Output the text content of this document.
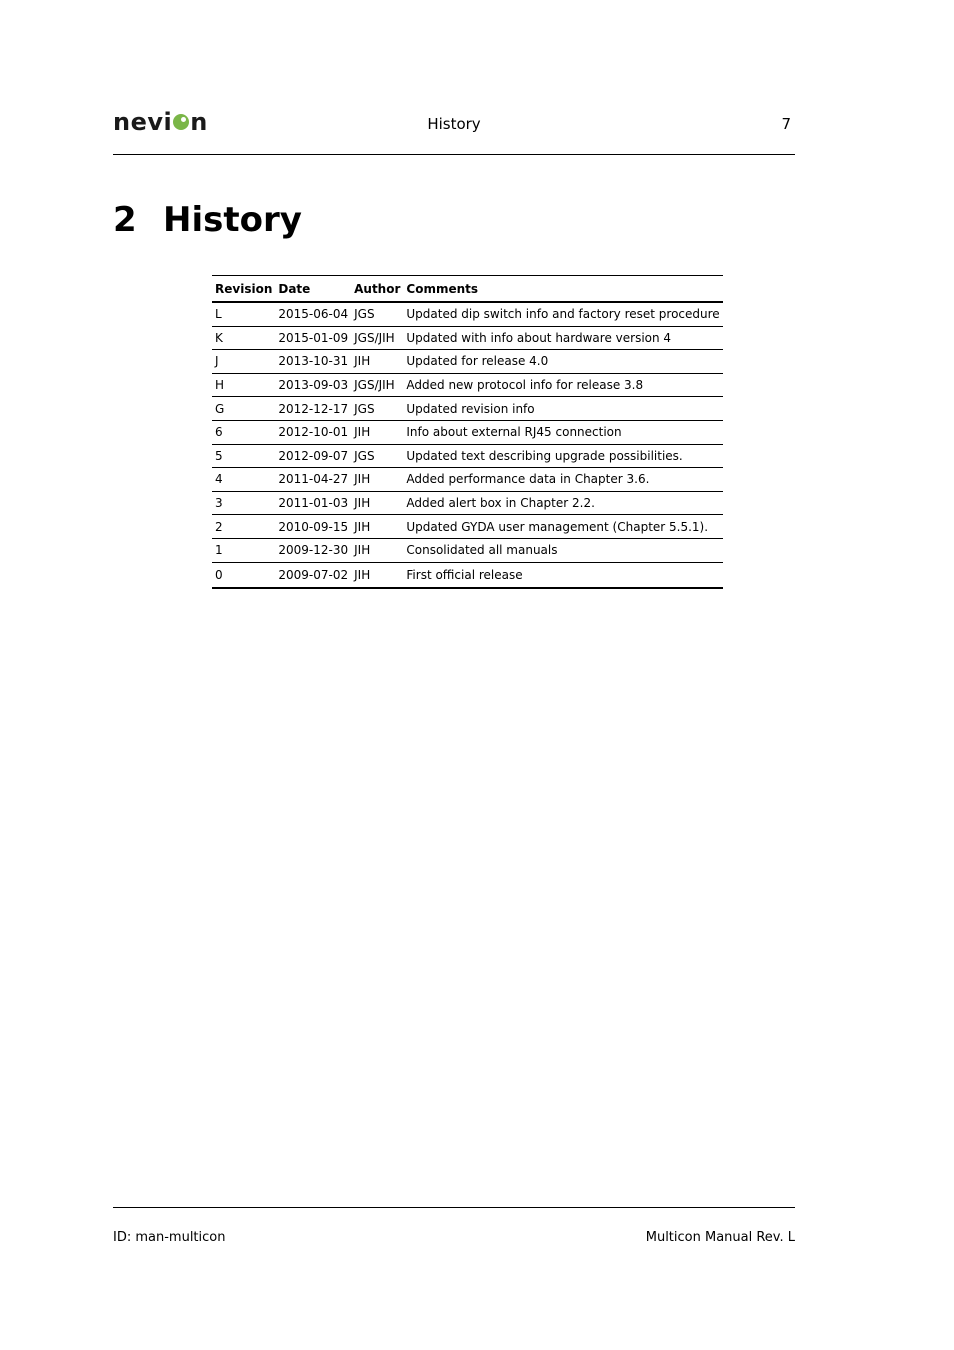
nevi n	History	7
2 History
Revision	Date	Author	Comments
L	2015-06-04	JGS	Updated dip switch info and factory reset procedure
K	2015-01-09	JGS/JIH	Updated with info about hardware version 4
J	2013-10-31	JIH	Updated for release 4.0
H	2013-09-03	JGS/JIH	Added new protocol info for release 3.8
G	2012-12-17	JGS	Updated revision info
6	2012-10-01	JIH	Info about external RJ45 connection
5	2012-09-07	JGS	Updated text describing upgrade possibilities.
4	2011-04-27	JIH	Added performance data in Chapter 3.6.
3	2011-01-03	JIH	Added alert box in Chapter 2.2.
2	2010-09-15	JIH	Updated GYDA user management (Chapter 5.5.1).
1	2009-12-30	JIH	Consolidated all manuals
0	2009-07-02	JIH	First official release
ID: man-multicon	Multicon Manual Rev. L
